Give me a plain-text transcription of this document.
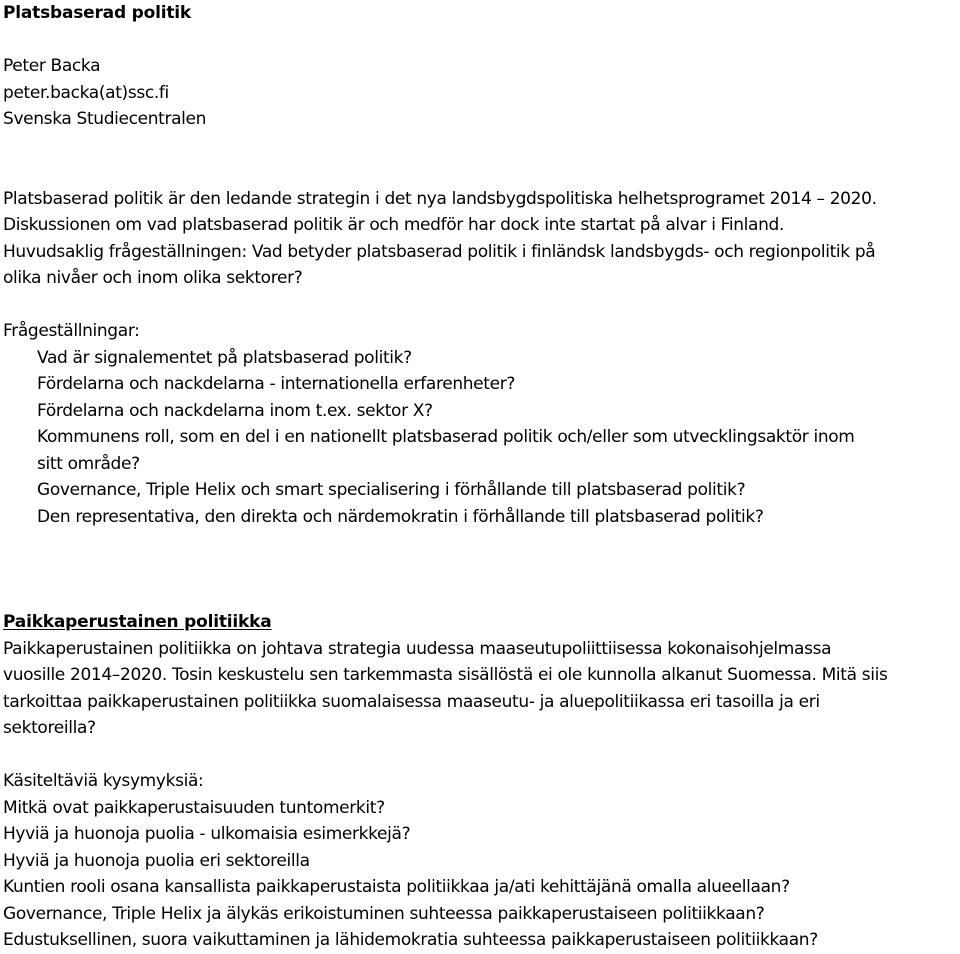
Platsbaserad politik
Peter Backa
peter.backa(at)ssc.fi
Svenska Studiecentralen
Platsbaserad politik är den ledande strategin i det nya landsbygdspolitiska helhetsprogramet 2014 – 2020.
Diskussionen om vad platsbaserad politik är och medför har dock inte startat på alvar i Finland.
Huvudsaklig frågeställningen: Vad betyder platsbaserad politik i finländsk landsbygds- och regionpolitik på
olika nivåer och inom olika sektorer?
Frågeställningar:
Vad är signalementet på platsbaserad politik?
Fördelarna och nackdelarna - internationella erfarenheter?
Fördelarna och nackdelarna inom t.ex. sektor X?
Kommunens roll, som en del i en nationellt platsbaserad politik och/eller som utvecklingsaktör inom
sitt område?
Governance, Triple Helix och smart specialisering i förhållande till platsbaserad politik?
Den representativa, den direkta och närdemokratin i förhållande till platsbaserad politik?
Paikkaperustainen politiikka
Paikkaperustainen politiikka on johtava strategia uudessa maaseutupoliittiisessa kokonaisohjelmassa
vuosille 2014–2020. Tosin keskustelu sen tarkemmasta sisällöstä ei ole kunnolla alkanut Suomessa. Mitä siis
tarkoittaa paikkaperustainen politiikka suomalaisessa maaseutu- ja aluepolitiikassa eri tasoilla ja eri
sektoreilla?
Käsiteltäviä kysymyksiä:
Mitkä ovat paikkaperustaisuuden tuntomerkit?
Hyviä ja huonoja puolia - ulkomaisia esimerkkejä?
Hyviä ja huonoja puolia eri sektoreilla
Kuntien rooli osana kansallista paikkaperustaista politiikkaa ja/ati kehittäjänä omalla alueellaan?
Governance, Triple Helix ja älykäs erikoistuminen suhteessa paikkaperustaiseen politiikkaan?
Edustuksellinen, suora vaikuttaminen ja lähidemokratia suhteessa paikkaperustaiseen politiikkaan?
